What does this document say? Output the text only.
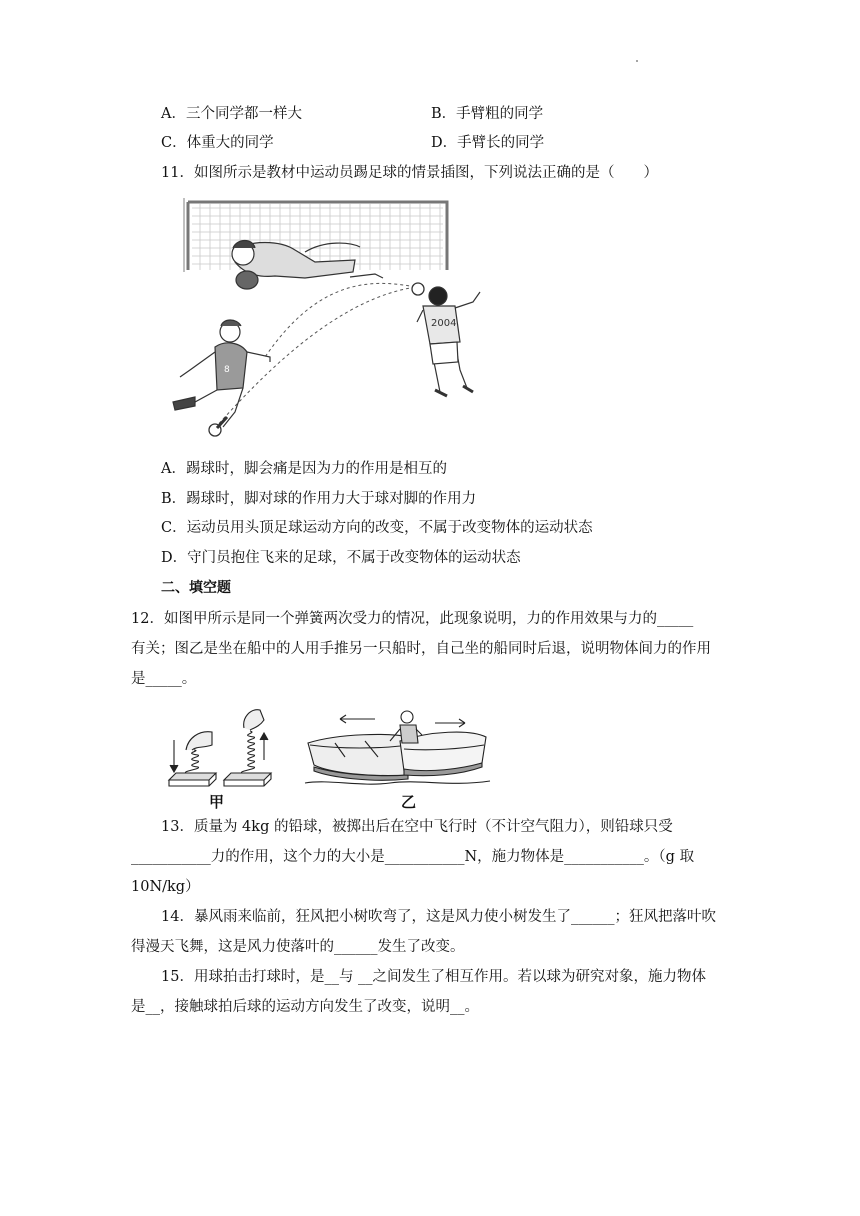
A．三个同学都一样大	B．手臂粗的同学
C．体重大的同学	D．手臂长的同学
11．如图所示是教材中运动员踢足球的情景插图，下列说法正确的是（　　）
2004
8
A．踢球时，脚会痛是因为力的作用是相互的
B．踢球时，脚对球的作用力大于球对脚的作用力
C．运动员用头顶足球运动方向的改变，不属于改变物体的运动状态
D．守门员抱住飞来的足球，不属于改变物体的运动状态
二、填空题
12．如图甲所示是同一个弹簧两次受力的情况，此现象说明，力的作用效果与力的_____
有关；图乙是坐在船中的人用手推另一只船时，自己坐的船同时后退，说明物体间力的作用
是_____。
甲	乙
13．质量为 4kg 的铅球，被掷出后在空中飞行时（不计空气阻力），则铅球只受
___________力的作用，这个力的大小是___________N，施力物体是___________。（g 取
10N/kg）
14．暴风雨来临前，狂风把小树吹弯了，这是风力使小树发生了______；狂风把落叶吹
得漫天飞舞，这是风力使落叶的______发生了改变。
15．用球拍击打球时，是__与 __之间发生了相互作用。若以球为研究对象，施力物体
是__，接触球拍后球的运动方向发生了改变，说明__。
